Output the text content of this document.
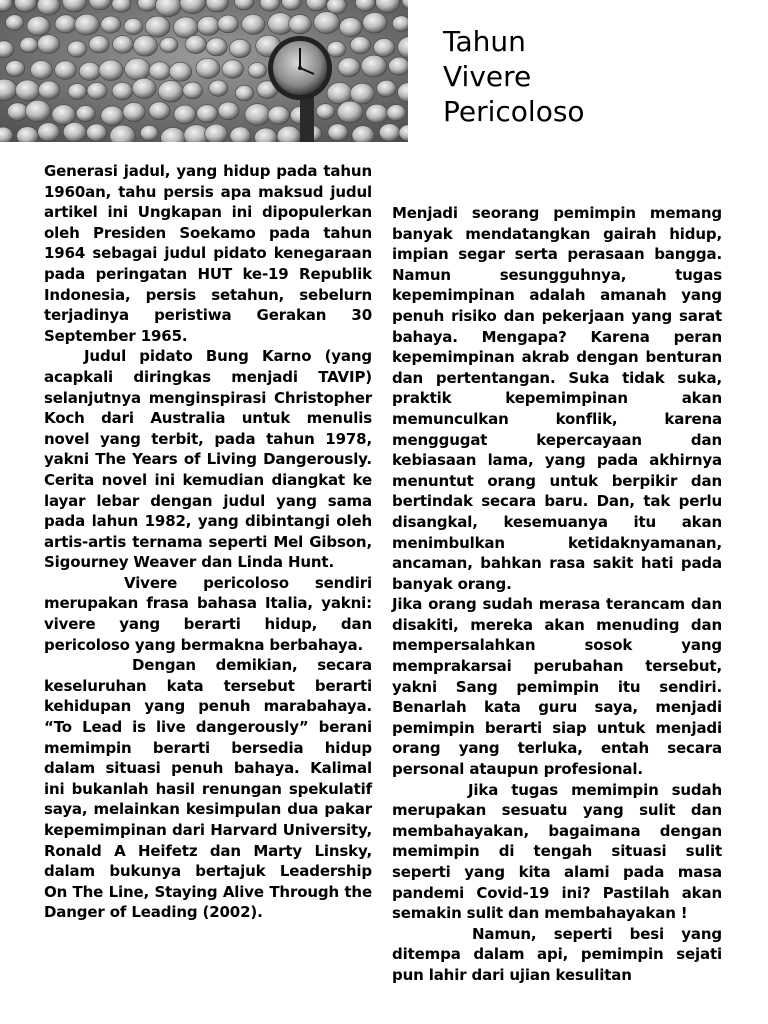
Tahun
Vivere
Pericoloso

Generasi jadul, yang hidup pada tahun 1960an, tahu persis apa maksud judul artikel ini Ungkapan ini dipopulerkan oleh Presiden Soekamo pada tahun 1964 sebagai judul pidato kenegaraan pada peringatan HUT ke-19 Republik Indonesia, persis setahun, sebelurn terjadinya peristiwa Gerakan 30 September 1965.

Judul pidato Bung Karno (yang acapkali diringkas menjadi TAVIP) selanjutnya menginspirasi Christopher Koch dari Australia untuk menulis novel yang terbit, pada tahun 1978, yakni The Years of Living Dangerously. Cerita novel ini kemudian diangkat ke layar lebar dengan judul yang sama pada lahun 1982, yang dibintangi oleh artis-artis ternama seperti Mel Gibson, Sigourney Weaver dan Linda Hunt.

Vivere pericoloso sendiri merupakan frasa bahasa Italia, yakni: vivere yang berarti hidup, dan pericoloso yang bermakna berbahaya.

Dengan demikian, secara keseluruhan kata tersebut berarti kehidupan yang penuh marabahaya. “To Lead is live dangerously” berani memimpin berarti bersedia hidup dalam situasi penuh bahaya. Kalimal ini bukanlah hasil renungan spekulatif saya, melainkan kesimpulan dua pakar kepemimpinan dari Harvard University, Ronald A Heifetz dan Marty Linsky, dalam bukunya bertajuk Leadership On The Line, Staying Alive Through the Danger of Leading (2002).

Menjadi seorang pemimpin memang banyak mendatangkan gairah hidup, impian segar serta perasaan bangga. Namun sesungguhnya, tugas kepemimpinan adalah amanah yang penuh risiko dan pekerjaan yang sarat bahaya. Mengapa? Karena peran kepemimpinan akrab dengan benturan dan pertentangan. Suka tidak suka, praktik kepemimpinan akan memunculkan konflik, karena menggugat kepercayaan dan kebiasaan lama, yang pada akhirnya menuntut orang untuk berpikir dan bertindak secara baru. Dan, tak perlu disangkal, kesemuanya itu akan menimbulkan ketidaknyamanan, ancaman, bahkan rasa sakit hati pada banyak orang.

Jika orang sudah merasa terancam dan disakiti, mereka akan menuding dan mempersalahkan sosok yang memprakarsai perubahan tersebut, yakni Sang pemimpin itu sendiri. Benarlah kata guru saya, menjadi pemimpin berarti siap untuk menjadi orang yang terluka, entah secara personal ataupun profesional.

Jika tugas memimpin sudah merupakan sesuatu yang sulit dan membahayakan, bagaimana dengan memimpin di tengah situasi sulit seperti yang kita alami pada masa pandemi Covid-19 ini? Pastilah akan semakin sulit dan membahayakan !

Namun, seperti besi yang ditempa dalam api, pemimpin sejati pun lahir dari ujian kesulitan
